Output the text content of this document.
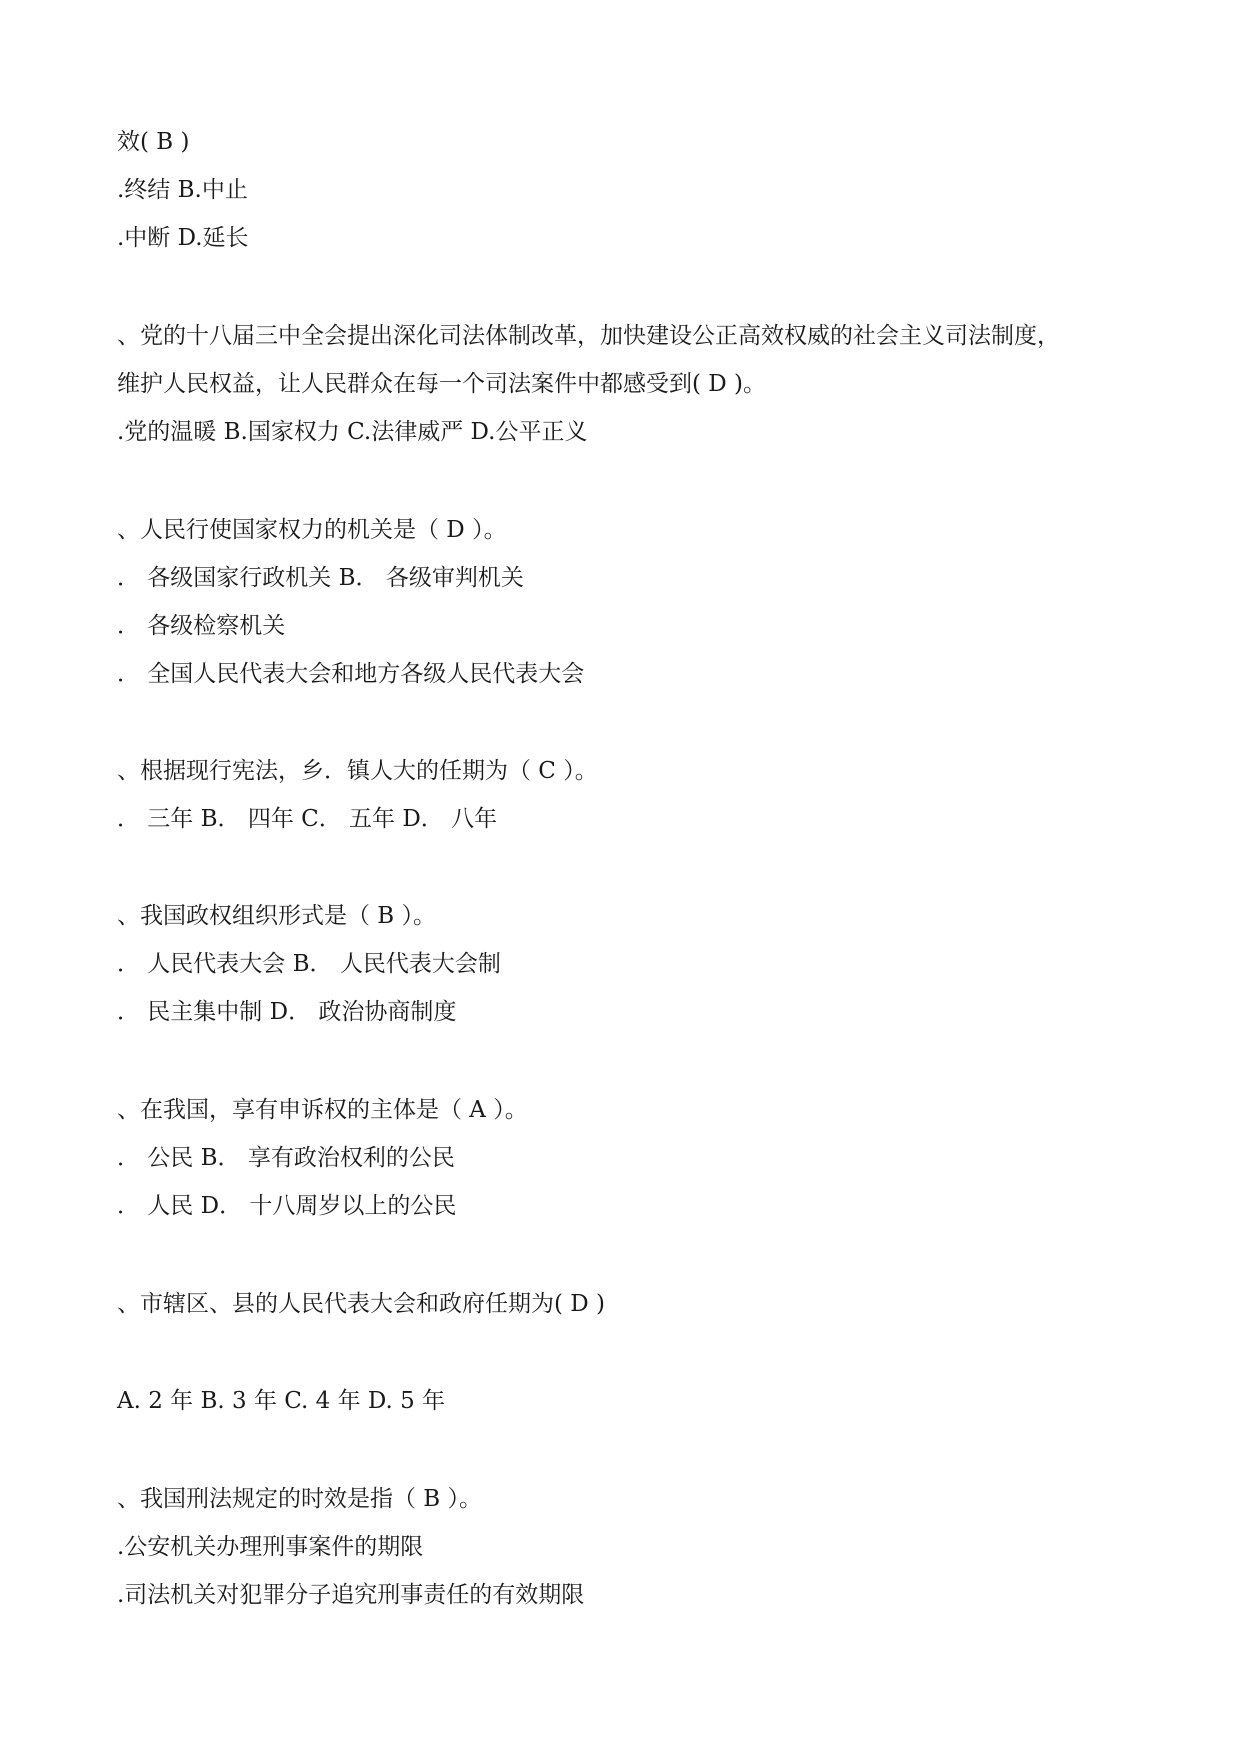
效( B )
.终结 B.中止
.中断 D.延长
、党的十八届三中全会提出深化司法体制改革，加快建设公正高效权威的社会主义司法制度，
维护人民权益，让人民群众在每一个司法案件中都感受到( D )。
.党的温暖 B.国家权力 C.法律威严 D.公平正义
、人民行使国家权力的机关是（ D ）。
． 各级国家行政机关 B． 各级审判机关
． 各级检察机关
． 全国人民代表大会和地方各级人民代表大会
、根据现行宪法，乡．镇人大的任期为（ C ）。
． 三年 B． 四年 C． 五年 D． 八年
、我国政权组织形式是（ B ）。
． 人民代表大会 B． 人民代表大会制
． 民主集中制 D． 政治协商制度
、在我国，享有申诉权的主体是（ A ）。
． 公民 B． 享有政治权利的公民
． 人民 D． 十八周岁以上的公民
、市辖区、县的人民代表大会和政府任期为( D )
A. 2 年 B. 3 年 C. 4 年 D. 5 年
、我国刑法规定的时效是指（ B ）。
.公安机关办理刑事案件的期限
.司法机关对犯罪分子追究刑事责任的有效期限
